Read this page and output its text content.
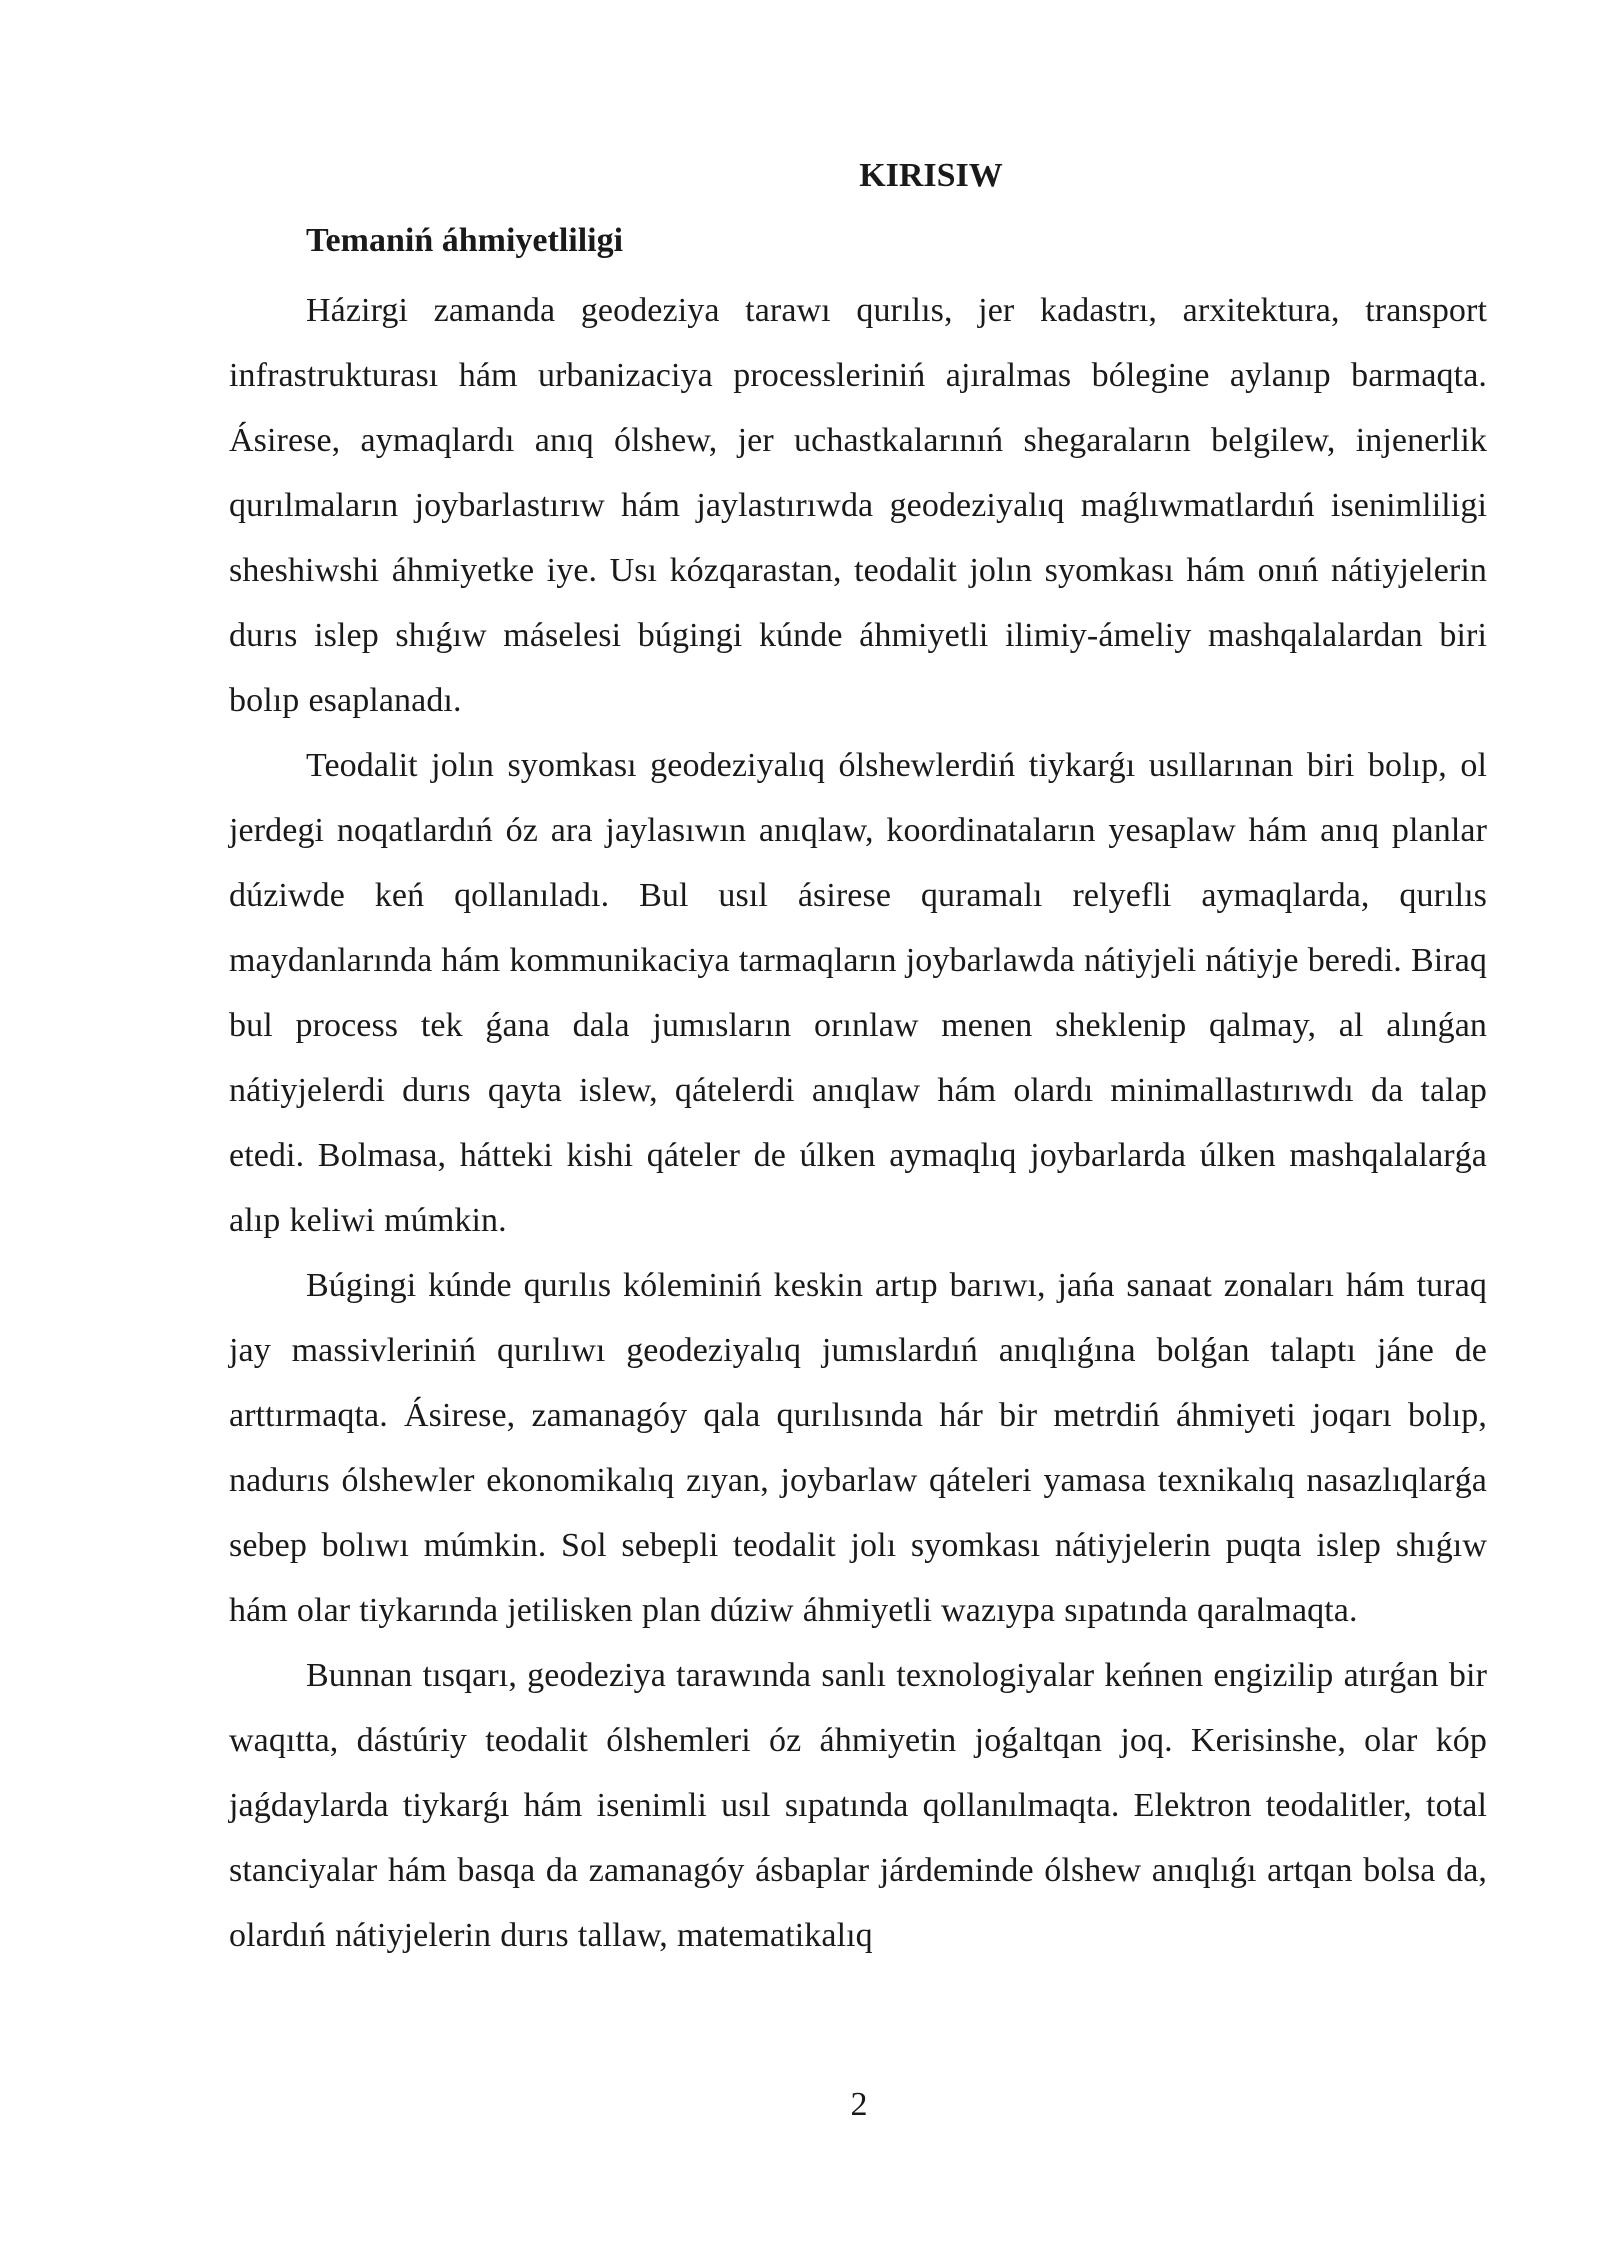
KIRISIW
Temaniń áhmiyetliligi

Házirgi zamanda geodeziya tarawı qurılıs, jer kadastrı, arxitektura, transport infrastrukturası hám urbanizaciya processleriniń ajıralmas bólegine aylanıp barmaqta. Ásirese, aymaqlardı anıq ólshew, jer uchastkalarınıń shegaraların belgilew, injenerlik qurılmaların joybarlastırıw hám jaylastırıwda geodeziyalıq maǵlıwmatlardıń isenimliligi sheshiwshi áhmiyetke iye. Usı kózqarastan, teodalit jolın syomkası hám onıń nátiyjelerin durıs islep shıǵıw máselesi búgingi kúnde áhmiyetli ilimiy-ámeliy mashqalalardan biri bolıp esaplanadı.

Teodalit jolın syomkası geodeziyalıq ólshewlerdiń tiykarǵı usıllarınan biri bolıp, ol jerdegi noqatlardıń óz ara jaylasıwın anıqlaw, koordinataların yesaplaw hám anıq planlar dúziwde keń qollanıladı. Bul usıl ásirese quramalı relyefli aymaqlarda, qurılıs maydanlarında hám kommunikaciya tarmaqların joybarlawda nátiyjeli nátiyje beredi. Biraq bul process tek ǵana dala jumısların orınlaw menen sheklenip qalmay, al alınǵan nátiyjelerdi durıs qayta islew, qátelerdi anıqlaw hám olardı minimallastırıwdı da talap etedi. Bolmasa, hátteki kishi qáteler de úlken aymaqlıq joybarlarda úlken mashqalalarǵa alıp keliwi múmkin.

Búgingi kúnde qurılıs kóleminiń keskin artıp barıwı, jańa sanaat zonaları hám turaq jay massivleriniń qurılıwı geodeziyalıq jumıslardıń anıqlıǵına bolǵan talaptı jáne de arttırmaqta. Ásirese, zamanagóy qala qurılısında hár bir metrdiń áhmiyeti joqarı bolıp, nadurıs ólshewler ekonomikalıq zıyan, joybarlaw qáteleri yamasa texnikalıq nasazlıqlarǵa sebep bolıwı múmkin. Sol sebepli teodalit jolı syomkası nátiyjelerin puqta islep shıǵıw hám olar tiykarında jetilisken plan dúziw áhmiyetli wazıypa sıpatında qaralmaqta.

Bunnan tısqarı, geodeziya tarawında sanlı texnologiyalar keńnen engizilip atırǵan bir waqıtta, dástúriy teodalit ólshemleri óz áhmiyetin joǵaltqan joq. Kerisinshe, olar kóp jaǵdaylarda tiykarǵı hám isenimli usıl sıpatında qollanılmaqta. Elektron teodalitler, total stanciyalar hám basqa da zamanagóy ásbaplar járdeminde ólshew anıqlıǵı artqan bolsa da, olardıń nátiyjelerin durıs tallaw, matematikalıq

2
